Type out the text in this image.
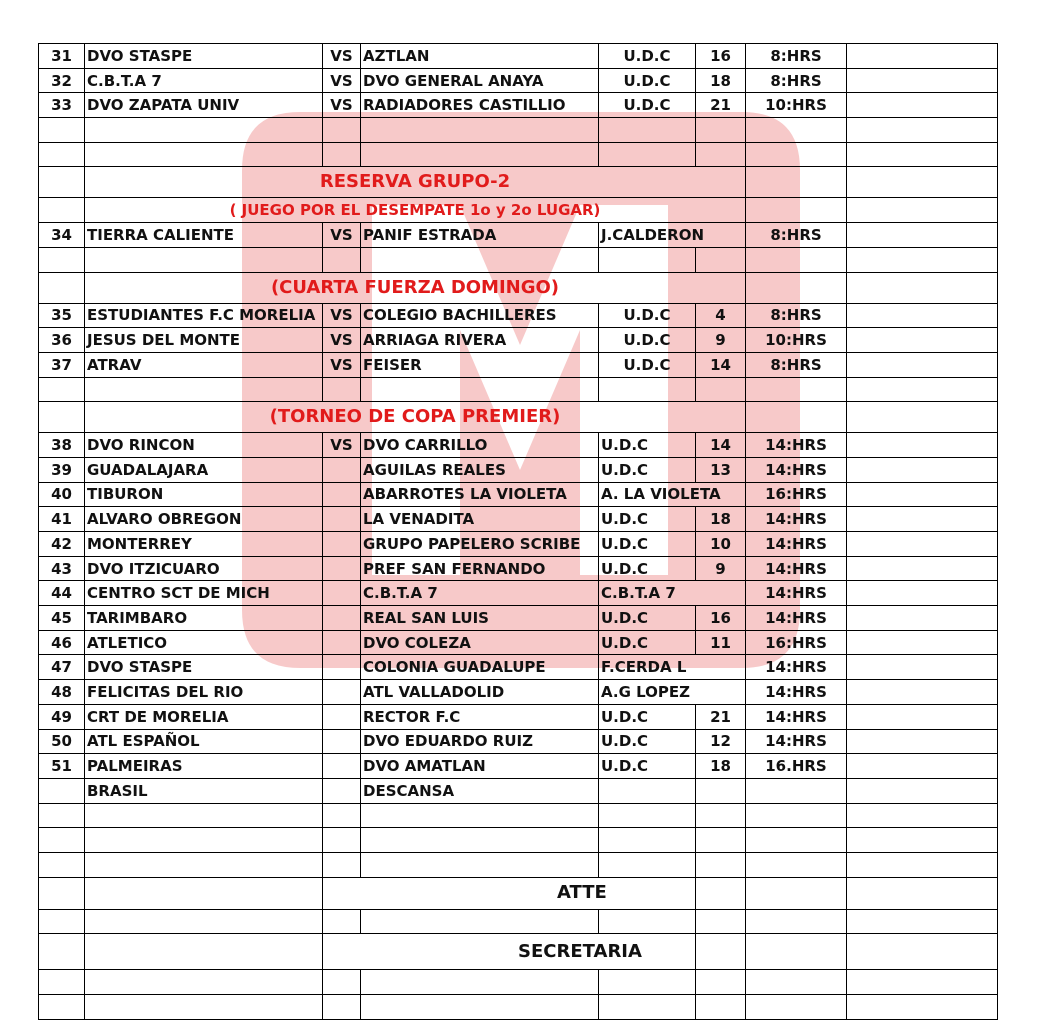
31	DVO STASPE	VS	AZTLAN	U.D.C	16	8:HRS		
32	C.B.T.A 7	VS	DVO GENERAL ANAYA	U.D.C	18	8:HRS		
33	DVO ZAPATA UNIV	VS	RADIADORES CASTILLIO	U.D.C	21	10:HRS		

	RESERVA GRUPO-2							
	( JUEGO POR EL DESEMPATE 1o y 2o LUGAR)							
34	TIERRA CALIENTE	VS	PANIF ESTRADA	J.CALDERON		8:HRS		

	(CUARTA FUERZA DOMINGO)							
35	ESTUDIANTES F.C MORELIA	VS	COLEGIO BACHILLERES	U.D.C	4	8:HRS		
36	JESUS DEL MONTE	VS	ARRIAGA RIVERA	U.D.C	9	10:HRS		
37	ATRAV	VS	FEISER	U.D.C	14	8:HRS		

	(TORNEO DE COPA PREMIER)							
38	DVO RINCON	VS	DVO CARRILLO	U.D.C	14	14:HRS		
39	GUADALAJARA		AGUILAS REALES	U.D.C	13	14:HRS		
40	TIBURON		ABARROTES LA VIOLETA	A. LA VIOLETA		16:HRS		
41	ALVARO OBREGON		LA VENADITA	U.D.C	18	14:HRS		
42	MONTERREY		GRUPO PAPELERO SCRIBE	U.D.C	10	14:HRS		
43	DVO ITZICUARO		PREF SAN FERNANDO	U.D.C	9	14:HRS		
44	CENTRO SCT DE MICH		C.B.T.A 7	C.B.T.A 7		14:HRS		
45	TARIMBARO		REAL SAN LUIS	U.D.C	16	14:HRS		
46	ATLETICO		DVO COLEZA	U.D.C	11	16:HRS		
47	DVO STASPE		COLONIA GUADALUPE	F.CERDA L		14:HRS		
48	FELICITAS DEL RIO		ATL VALLADOLID	A.G LOPEZ		14:HRS		
49	CRT DE MORELIA		RECTOR F.C	U.D.C	21	14:HRS		
50	ATL ESPAÑOL		DVO EDUARDO RUIZ	U.D.C	12	14:HRS		
51	PALMEIRAS		DVO AMATLAN	U.D.C	18	16.HRS		
	BRASIL		DESCANSA					

		ATTE						

		SECRETARIA						
